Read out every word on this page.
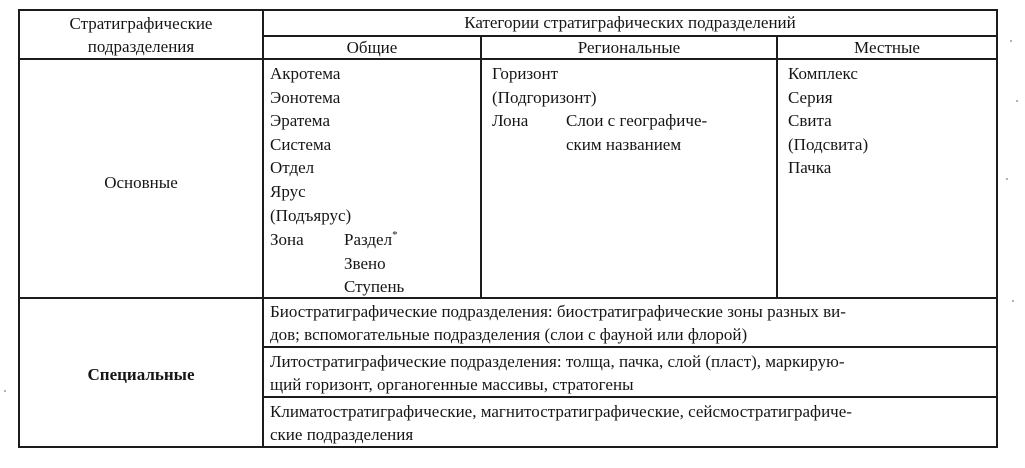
Стратиграфические
подразделения
Категории стратиграфических подразделений
Общие	Региональные	Местные
Основные
Акротема
Эонотема
Эратема
Система
Отдел
Ярус
(Подъярус)
Зона Раздел*
Звено
Ступень
Горизонт
(Подгоризонт)
Лона Слои с географиче-
ским названием
Комплекс
Серия
Свита
(Подсвита)
Пачка
Специальные
Биостратиграфические подразделения: биостратиграфические зоны разных ви-
дов; вспомогательные подразделения (слои с фауной или флорой)
Литостратиграфические подразделения: толща, пачка, слой (пласт), маркирую-
щий горизонт, органогенные массивы, стратогены
Климатостратиграфические, магнитостратиграфические, сейсмостратиграфиче-
ские подразделения
